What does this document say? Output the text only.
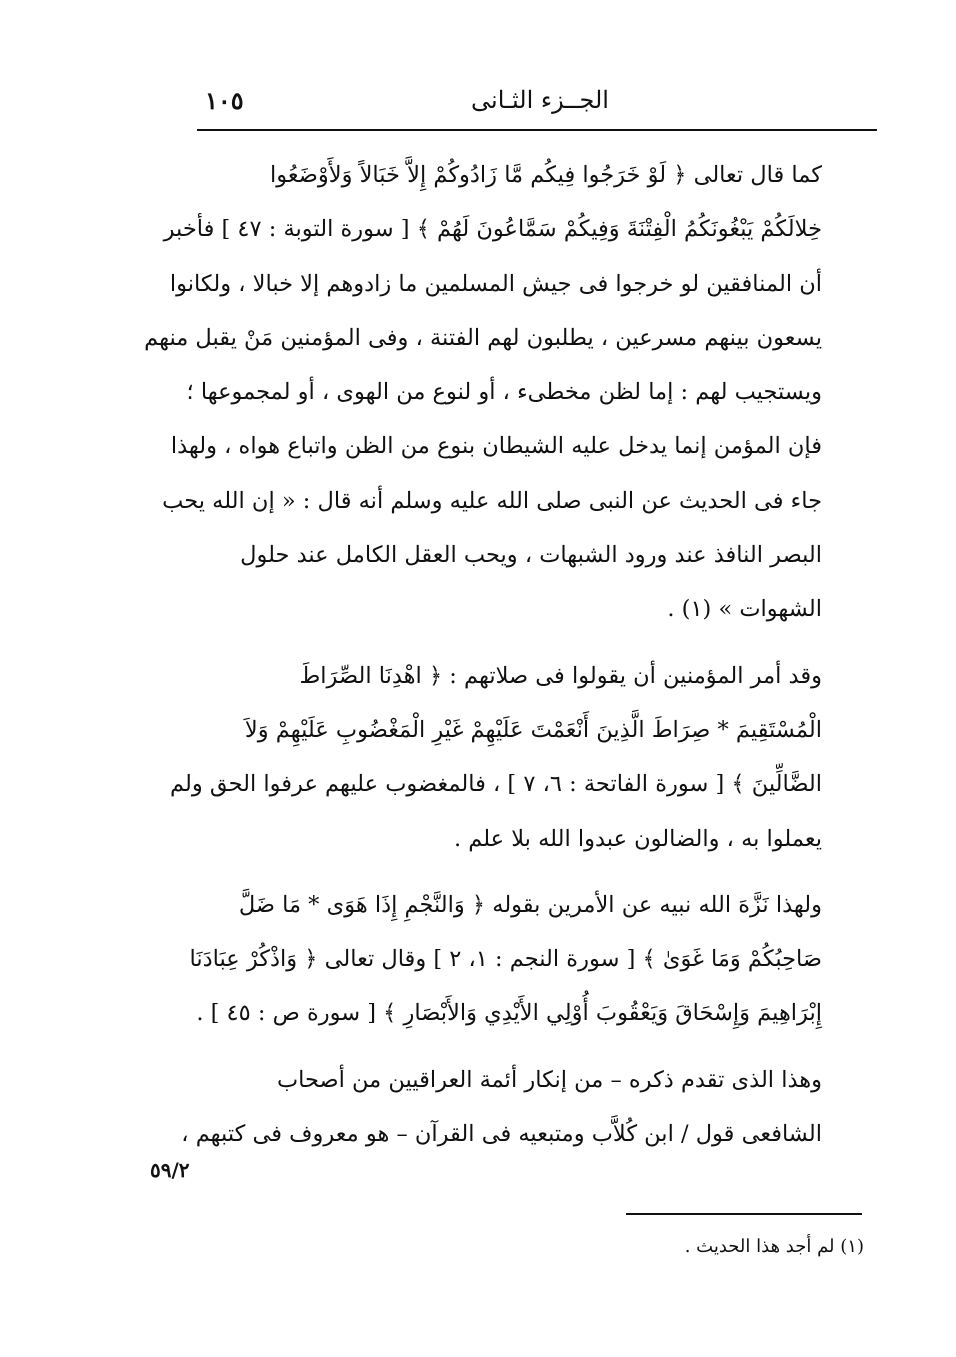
١٠٥	الجــزء الثـانى
كما قال تعالى ﴿ لَوْ خَرَجُوا فِيكُم مَّا زَادُوكُمْ إِلاَّ خَبَالاً وَلأَوْضَعُوا
خِلالَكُمْ يَبْغُونَكُمُ الْفِتْنَةَ وَفِيكُمْ سَمَّاعُونَ لَهُمْ ﴾ [ سورة التوبة : ٤٧ ] فأخبر
أن المنافقين لو خرجوا فى جيش المسلمين ما زادوهم إلا خبالا ، ولكانوا
يسعون بينهم مسرعين ، يطلبون لهم الفتنة ، وفى المؤمنين مَنْ يقبل منهم
ويستجيب لهم : إما لظن مخطىء ، أو لنوع من الهوى ، أو لمجموعها ؛
فإن المؤمن إنما يدخل عليه الشيطان بنوع من الظن واتباع هواه ، ولهذا
جاء فى الحديث عن النبى صلى الله عليه وسلم أنه قال : « إن الله يحب
البصر النافذ عند ورود الشبهات ، ويحب العقل الكامل عند حلول
الشهوات » (١) .
وقد أمر المؤمنين أن يقولوا فى صلاتهم : ﴿ اهْدِنَا الصِّرَاطَ
الْمُسْتَقِيمَ * صِرَاطَ الَّذِينَ أَنْعَمْتَ عَلَيْهِمْ غَيْرِ الْمَغْضُوبِ عَلَيْهِمْ وَلاَ
الضَّالِّينَ ﴾ [ سورة الفاتحة : ٦، ٧ ] ، فالمغضوب عليهم عرفوا الحق ولم
يعملوا به ، والضالون عبدوا الله بلا علم .
ولهذا نَزَّهَ الله نبيه عن الأمرين بقوله ﴿ وَالنَّجْمِ إِذَا هَوَى * مَا ضَلَّ
صَاحِبُكُمْ وَمَا غَوَىٰ ﴾ [ سورة النجم : ١، ٢ ] وقال تعالى ﴿ وَاذْكُرْ عِبَادَنَا
إِبْرَاهِيمَ وَإِسْحَاقَ وَيَعْقُوبَ أُوْلِي الأَيْدِي وَالأَبْصَارِ ﴾ [ سورة ص : ٤٥ ] .
وهذا الذى تقدم ذكره – من إنكار أئمة العراقيين من أصحاب
الشافعى قول / ابن كُلاَّب ومتبعيه فى القرآن – هو معروف فى كتبهم ،
٥٩/٢
(١) لم أجد هذا الحديث .
